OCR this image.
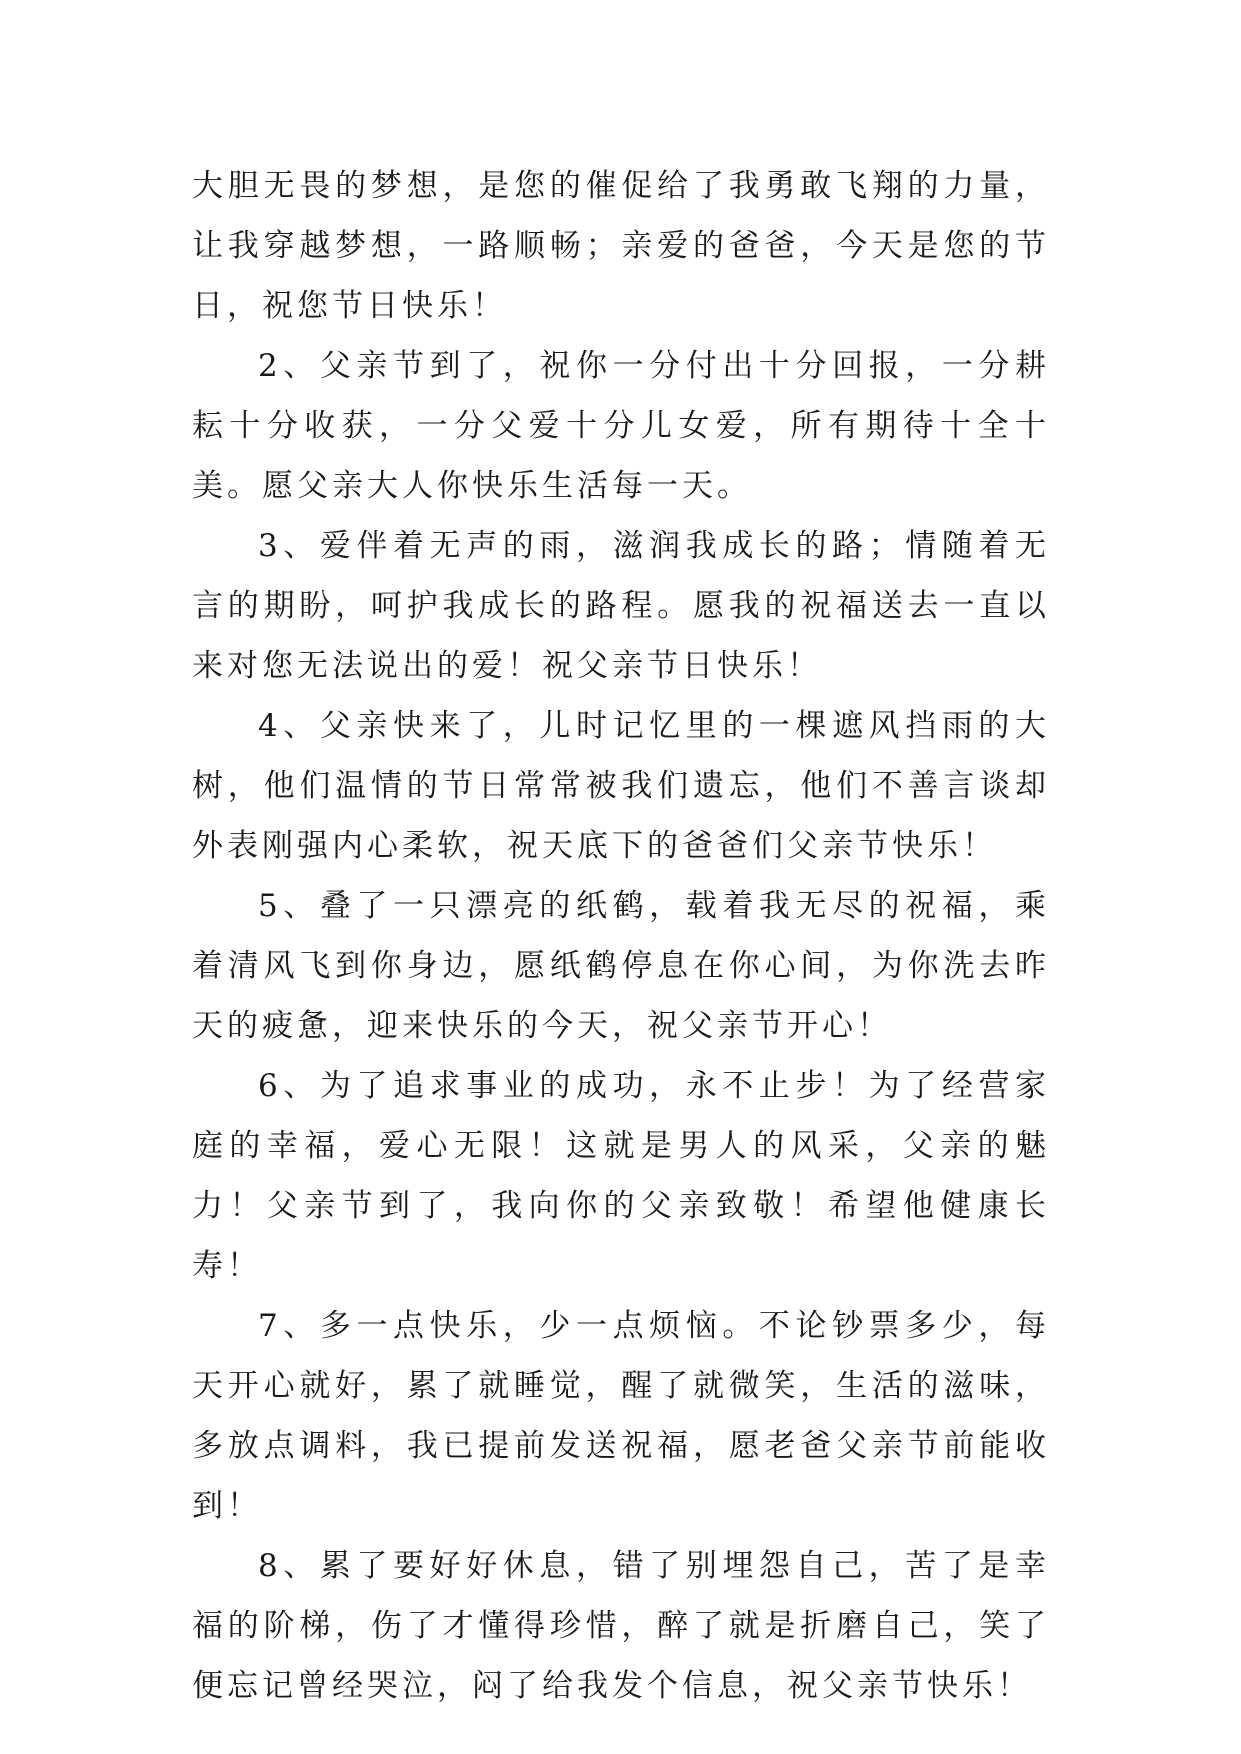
大胆无畏的梦想，是您的催促给了我勇敢飞翔的力量，让我穿越梦想，一路顺畅；亲爱的爸爸，今天是您的节日，祝您节日快乐！

2、父亲节到了，祝你一分付出十分回报，一分耕耘十分收获，一分父爱十分儿女爱，所有期待十全十美。愿父亲大人你快乐生活每一天。

3、爱伴着无声的雨，滋润我成长的路；情随着无言的期盼，呵护我成长的路程。愿我的祝福送去一直以来对您无法说出的爱！祝父亲节日快乐！

4、父亲快来了，儿时记忆里的一棵遮风挡雨的大树，他们温情的节日常常被我们遗忘，他们不善言谈却外表刚强内心柔软，祝天底下的爸爸们父亲节快乐！

5、叠了一只漂亮的纸鹤，载着我无尽的祝福，乘着清风飞到你身边，愿纸鹤停息在你心间，为你洗去昨天的疲惫，迎来快乐的今天，祝父亲节开心！

6、为了追求事业的成功，永不止步！为了经营家庭的幸福，爱心无限！这就是男人的风采，父亲的魅力！父亲节到了，我向你的父亲致敬！希望他健康长寿！

7、多一点快乐，少一点烦恼。不论钞票多少，每天开心就好，累了就睡觉，醒了就微笑，生活的滋味，多放点调料，我已提前发送祝福，愿老爸父亲节前能收到！

8、累了要好好休息，错了别埋怨自己，苦了是幸福的阶梯，伤了才懂得珍惜，醉了就是折磨自己，笑了便忘记曾经哭泣，闷了给我发个信息，祝父亲节快乐！
